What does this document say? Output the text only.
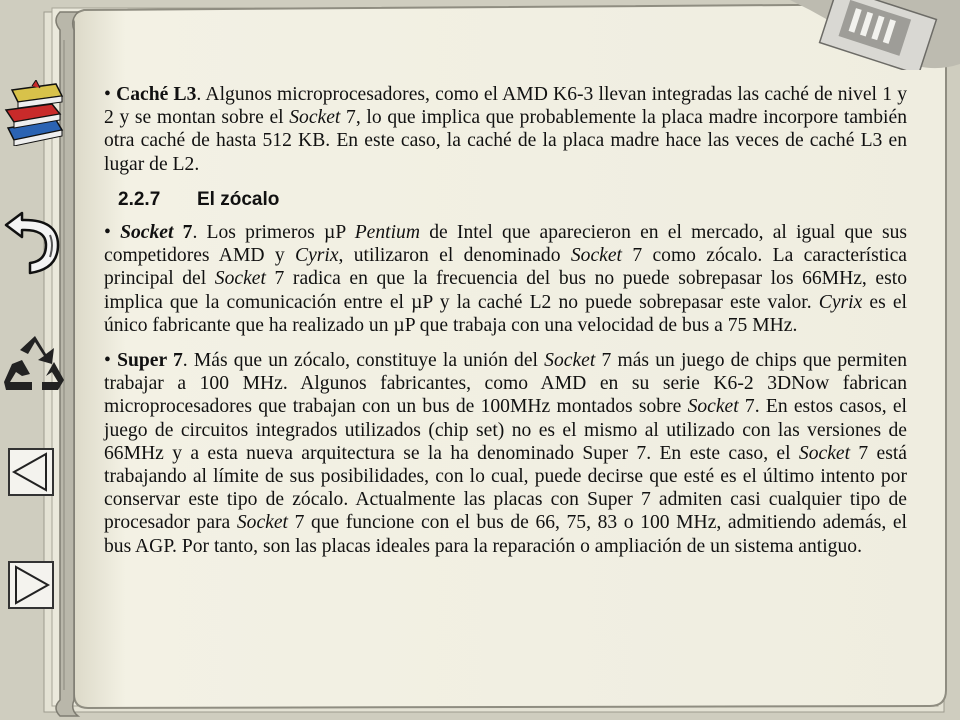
• Caché L3. Algunos microprocesadores, como el AMD K6-3 llevan integradas las caché de nivel 1 y 2 y se montan sobre el Socket 7, lo que implica que probablemente la placa madre incorpore también otra caché de hasta 512 KB. En este caso, la caché de la placa madre hace las veces de caché L3 en lugar de L2.

2.2.7 El zócalo

• Socket 7. Los primeros µP Pentium de Intel que aparecieron en el mercado, al igual que sus competidores AMD y Cyrix, utilizaron el denominado Socket 7 como zócalo. La característica principal del Socket 7 radica en que la frecuencia del bus no puede sobrepasar los 66MHz, esto implica que la comunicación entre el µP y la caché L2 no puede sobrepasar este valor. Cyrix es el único fabricante que ha realizado un µP que trabaja con una velocidad de bus a 75 MHz.

• Super 7. Más que un zócalo, constituye la unión del Socket 7 más un juego de chips que permiten trabajar a 100 MHz. Algunos fabricantes, como AMD en su serie K6-2 3DNow fabrican microprocesadores que trabajan con un bus de 100MHz montados sobre Socket 7. En estos casos, el juego de circuitos integrados utilizados (chip set) no es el mismo al utilizado con las versiones de 66MHz y a esta nueva arquitectura se la ha denominado Super 7. En este caso, el Socket 7 está trabajando al límite de sus posibilidades, con lo cual, puede decirse que esté es el último intento por conservar este tipo de zócalo. Actualmente las placas con Super 7 admiten casi cualquier tipo de procesador para Socket 7 que funcione con el bus de 66, 75, 83 o 100 MHz, admitiendo además, el bus AGP. Por tanto, son las placas ideales para la reparación o ampliación de un sistema antiguo.
